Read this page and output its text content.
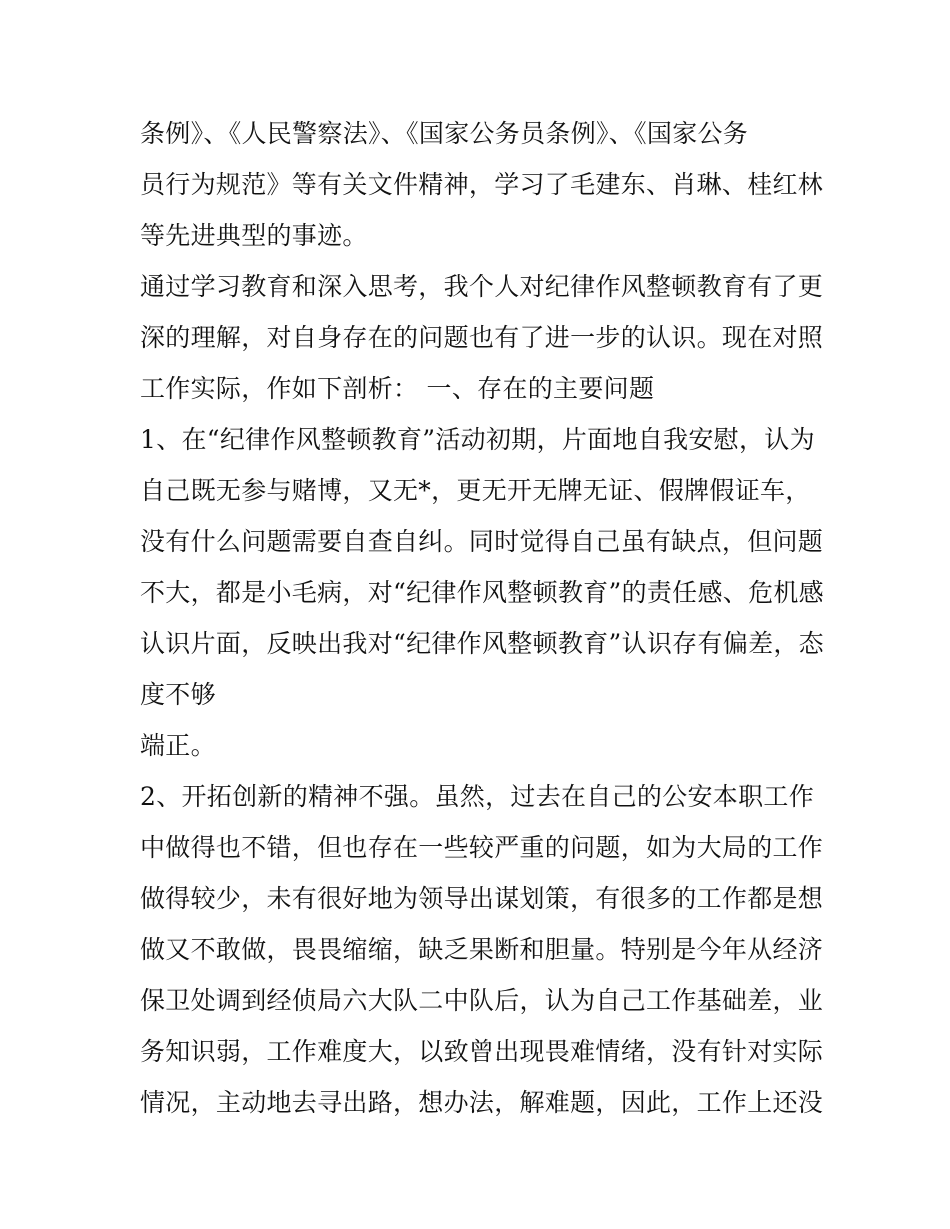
条例》、《人民警察法》、《国家公务员条例》、《国家公务
员行为规范》等有关文件精神，学习了毛建东、肖琳、桂红林
等先进典型的事迹。
通过学习教育和深入思考，我个人对纪律作风整顿教育有了更
深的理解，对自身存在的问题也有了进一步的认识。现在对照
工作实际，作如下剖析： 一、存在的主要问题
1、在“纪律作风整顿教育”活动初期，片面地自我安慰，认为
自己既无参与赌博，又无*，更无开无牌无证、假牌假证车，
没有什么问题需要自查自纠。同时觉得自己虽有缺点，但问题
不大，都是小毛病，对“纪律作风整顿教育”的责任感、危机感
认识片面，反映出我对“纪律作风整顿教育”认识存有偏差，态
度不够
端正。
2、开拓创新的精神不强。虽然，过去在自己的公安本职工作
中做得也不错，但也存在一些较严重的问题，如为大局的工作
做得较少，未有很好地为领导出谋划策，有很多的工作都是想
做又不敢做，畏畏缩缩，缺乏果断和胆量。特别是今年从经济
保卫处调到经侦局六大队二中队后，认为自己工作基础差，业
务知识弱，工作难度大，以致曾出现畏难情绪，没有针对实际
情况，主动地去寻出路，想办法，解难题，因此，工作上还没
